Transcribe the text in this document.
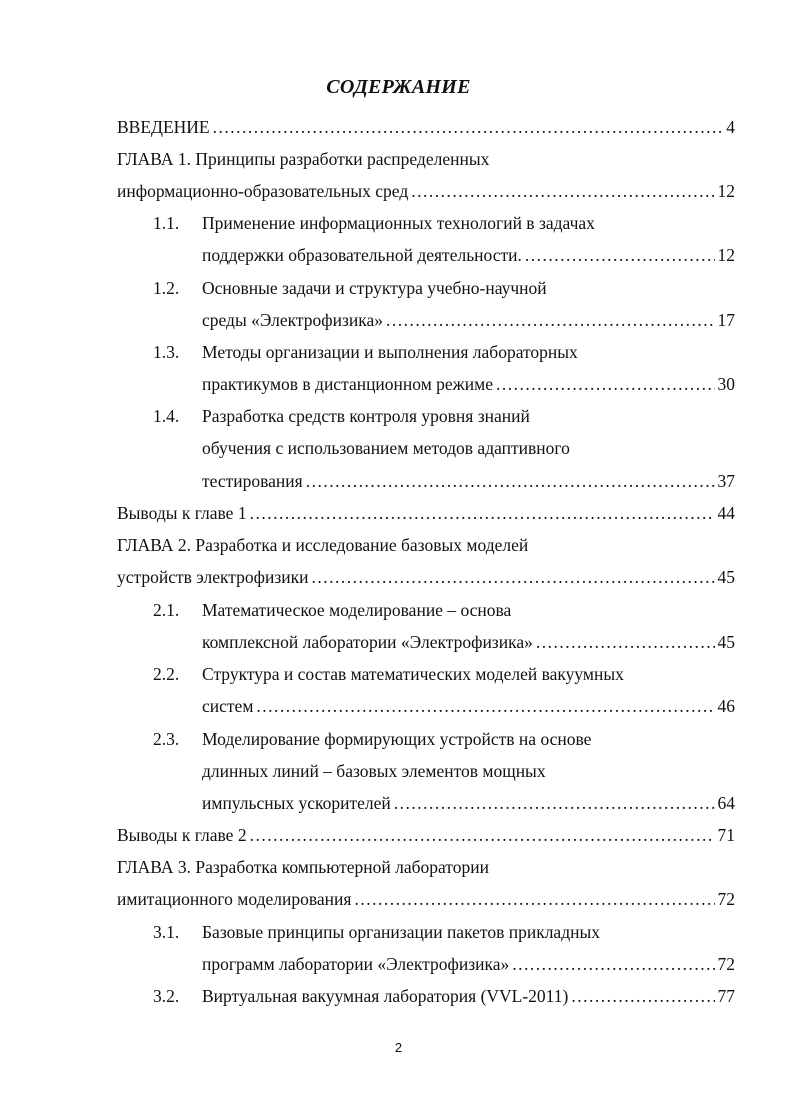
СОДЕРЖАНИЕ
ВВЕДЕНИЕ .....	4
ГЛАВА 1. Принципы разработки распределенных
информационно-образовательных сред .....	12
1.1. Применение информационных технологий в задачах
поддержки образовательной деятельности. .....	12
1.2. Основные задачи и структура учебно-научной
среды «Электрофизика» .....	17
1.3. Методы организации и выполнения лабораторных
практикумов в дистанционном режиме .....	30
1.4. Разработка средств контроля уровня знаний
обучения с использованием методов адаптивного
тестирования .....	37
Выводы к главе 1 .....	44
ГЛАВА 2. Разработка и исследование базовых моделей
устройств электрофизики .....	45
2.1. Математическое моделирование – основа
комплексной лаборатории «Электрофизика» .....	45
2.2. Структура и состав математических моделей вакуумных
систем .....	46
2.3. Моделирование формирующих устройств на основе
длинных линий – базовых элементов мощных
импульсных ускорителей .....	64
Выводы к главе 2 .....	71
ГЛАВА 3. Разработка компьютерной лаборатории
имитационного моделирования .....	72
3.1. Базовые принципы организации пакетов прикладных
программ лаборатории «Электрофизика» .....	72
3.2. Виртуальная вакуумная лаборатория (VVL-2011) .....	77
2
